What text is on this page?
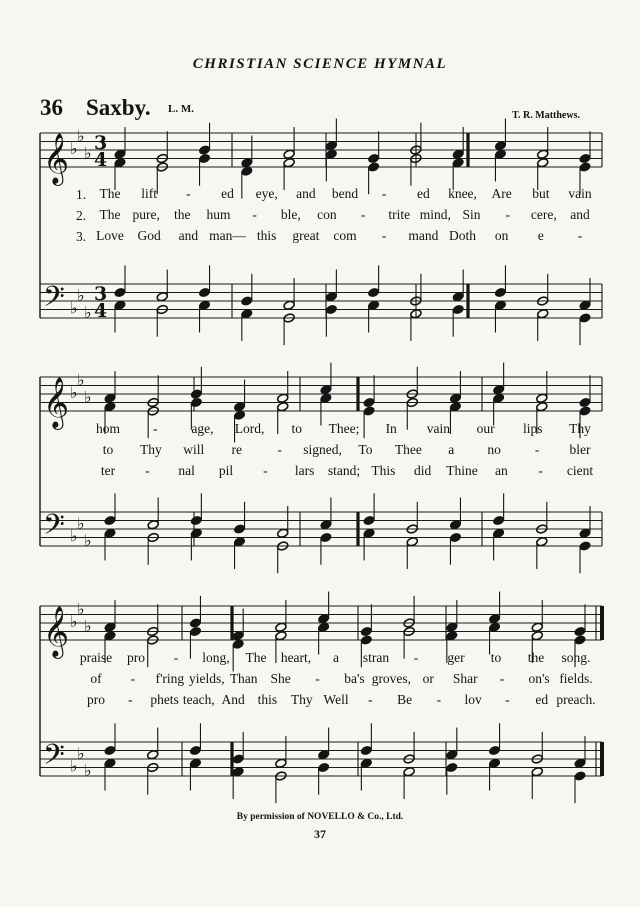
CHRISTIAN SCIENCE HYMNAL
36 Saxby. L. M.
T. R. Matthews.
𝄞
𝄢
♭
♭
♭
♭
♭
♭
3
4
3
4
𝄞
𝄢
♭
♭
♭
♭
♭
♭
𝄞
𝄢
♭
♭
♭
♭
♭
♭
1. The lift - ed eye, and bend - ed knee, Are but vain
2. The pure, the hum - ble, con - trite mind, Sin - cere, and
3. Love God and man— this great com - mand Doth on e	-
hom -	age, Lord, to Thee; In vain our lips Thy
to Thy will re	- signed, To Thee a no	- bler
ter - nal pil - lars stand; This did Thine an - cient
praise pro - long, The heart, a stran - ger to the song.
of - f'ring yields, Than She - ba's groves, or Shar - on's fields.
pro - phets teach, And this Thy Well - Be - lov - ed preach.
By permission of NOVELLO & Co., Ltd.
37
